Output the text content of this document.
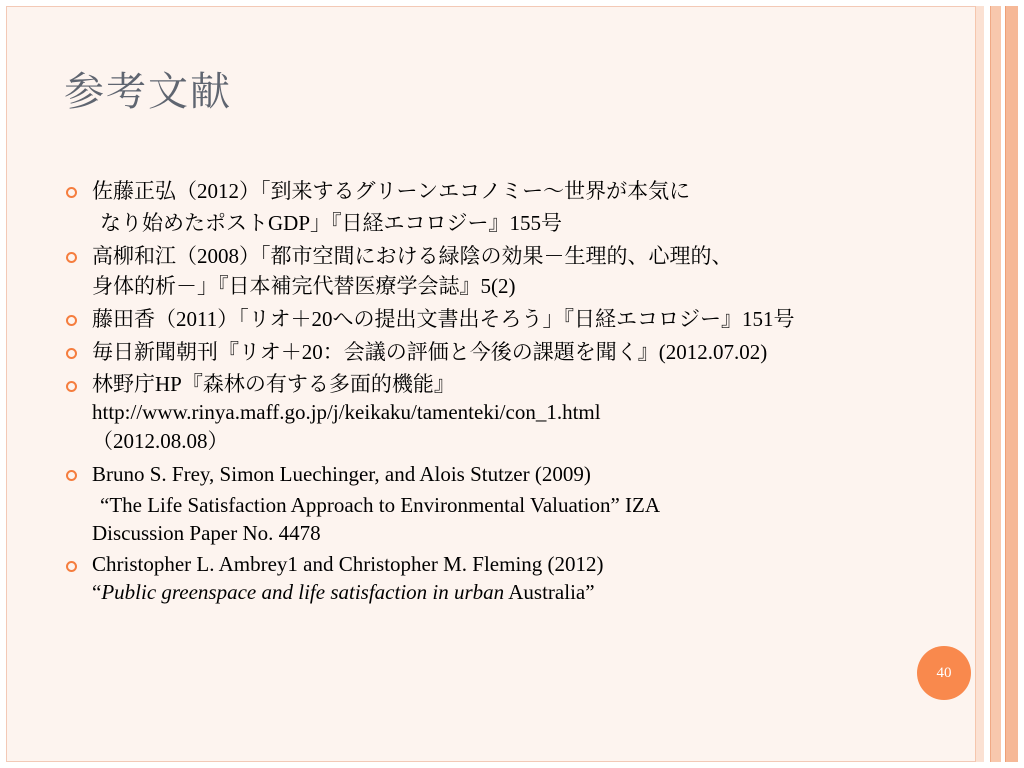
参考文献
佐藤正弘（2012）「到来するグリーンエコノミー～世界が本気に
なり始めたポストGDP」『日経エコロジー』155号
高柳和江（2008）「都市空間における緑陰の効果－生理的、心理的、
身体的析－」『日本補完代替医療学会誌』5(2)
藤田香（2011）「リオ＋20への提出文書出そろう」『日経エコロジー』151号
毎日新聞朝刊『リオ＋20：会議の評価と今後の課題を聞く』(2012.07.02)
林野庁HP『森林の有する多面的機能』
http://www.rinya.maff.go.jp/j/keikaku/tamenteki/con_1.html
（2012.08.08）
Bruno S. Frey, Simon Luechinger, and Alois Stutzer (2009)
“The Life Satisfaction Approach to Environmental Valuation” IZA
Discussion Paper No. 4478
Christopher L. Ambrey1 and Christopher M. Fleming (2012)
“Public greenspace and life satisfaction in urban Australia”
40
